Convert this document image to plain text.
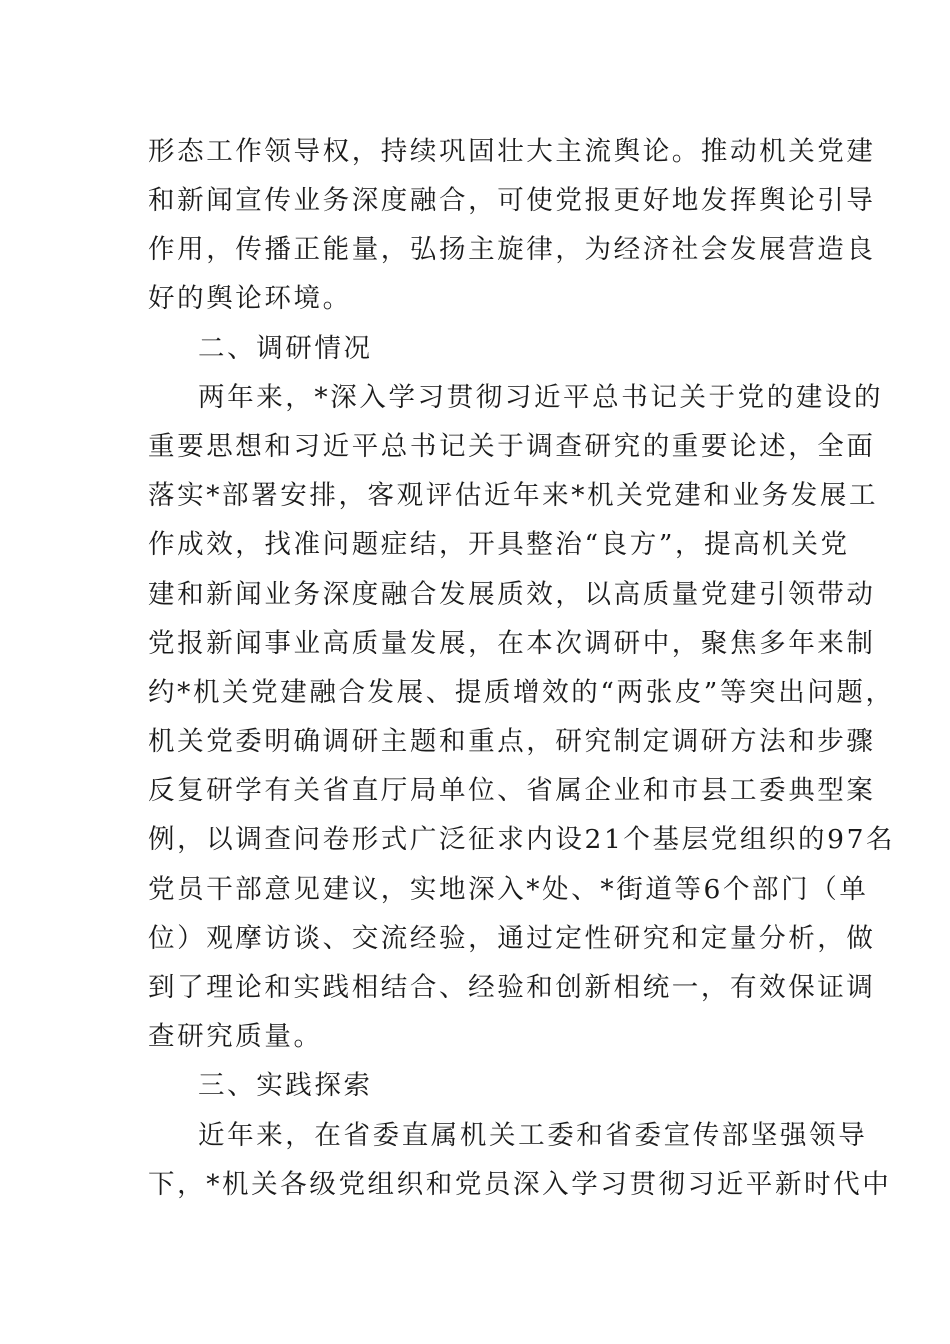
形态工作领导权，持续巩固壮大主流舆论。推动机关党建
和新闻宣传业务深度融合，可使党报更好地发挥舆论引导
作用，传播正能量，弘扬主旋律，为经济社会发展营造良
好的舆论环境。
二、调研情况
两年来，*深入学习贯彻习近平总书记关于党的建设的
重要思想和习近平总书记关于调查研究的重要论述，全面
落实*部署安排，客观评估近年来*机关党建和业务发展工
作成效，找准问题症结，开具整治“良方”，提高机关党
建和新闻业务深度融合发展质效，以高质量党建引领带动
党报新闻事业高质量发展，在本次调研中，聚焦多年来制
约*机关党建融合发展、提质增效的“两张皮”等突出问题，
机关党委明确调研主题和重点，研究制定调研方法和步骤
反复研学有关省直厅局单位、省属企业和市县工委典型案
例，以调查问卷形式广泛征求内设21个基层党组织的97名
党员干部意见建议，实地深入*处、*街道等6个部门（单
位）观摩访谈、交流经验，通过定性研究和定量分析，做
到了理论和实践相结合、经验和创新相统一，有效保证调
查研究质量。
三、实践探索
近年来，在省委直属机关工委和省委宣传部坚强领导
下，*机关各级党组织和党员深入学习贯彻习近平新时代中
